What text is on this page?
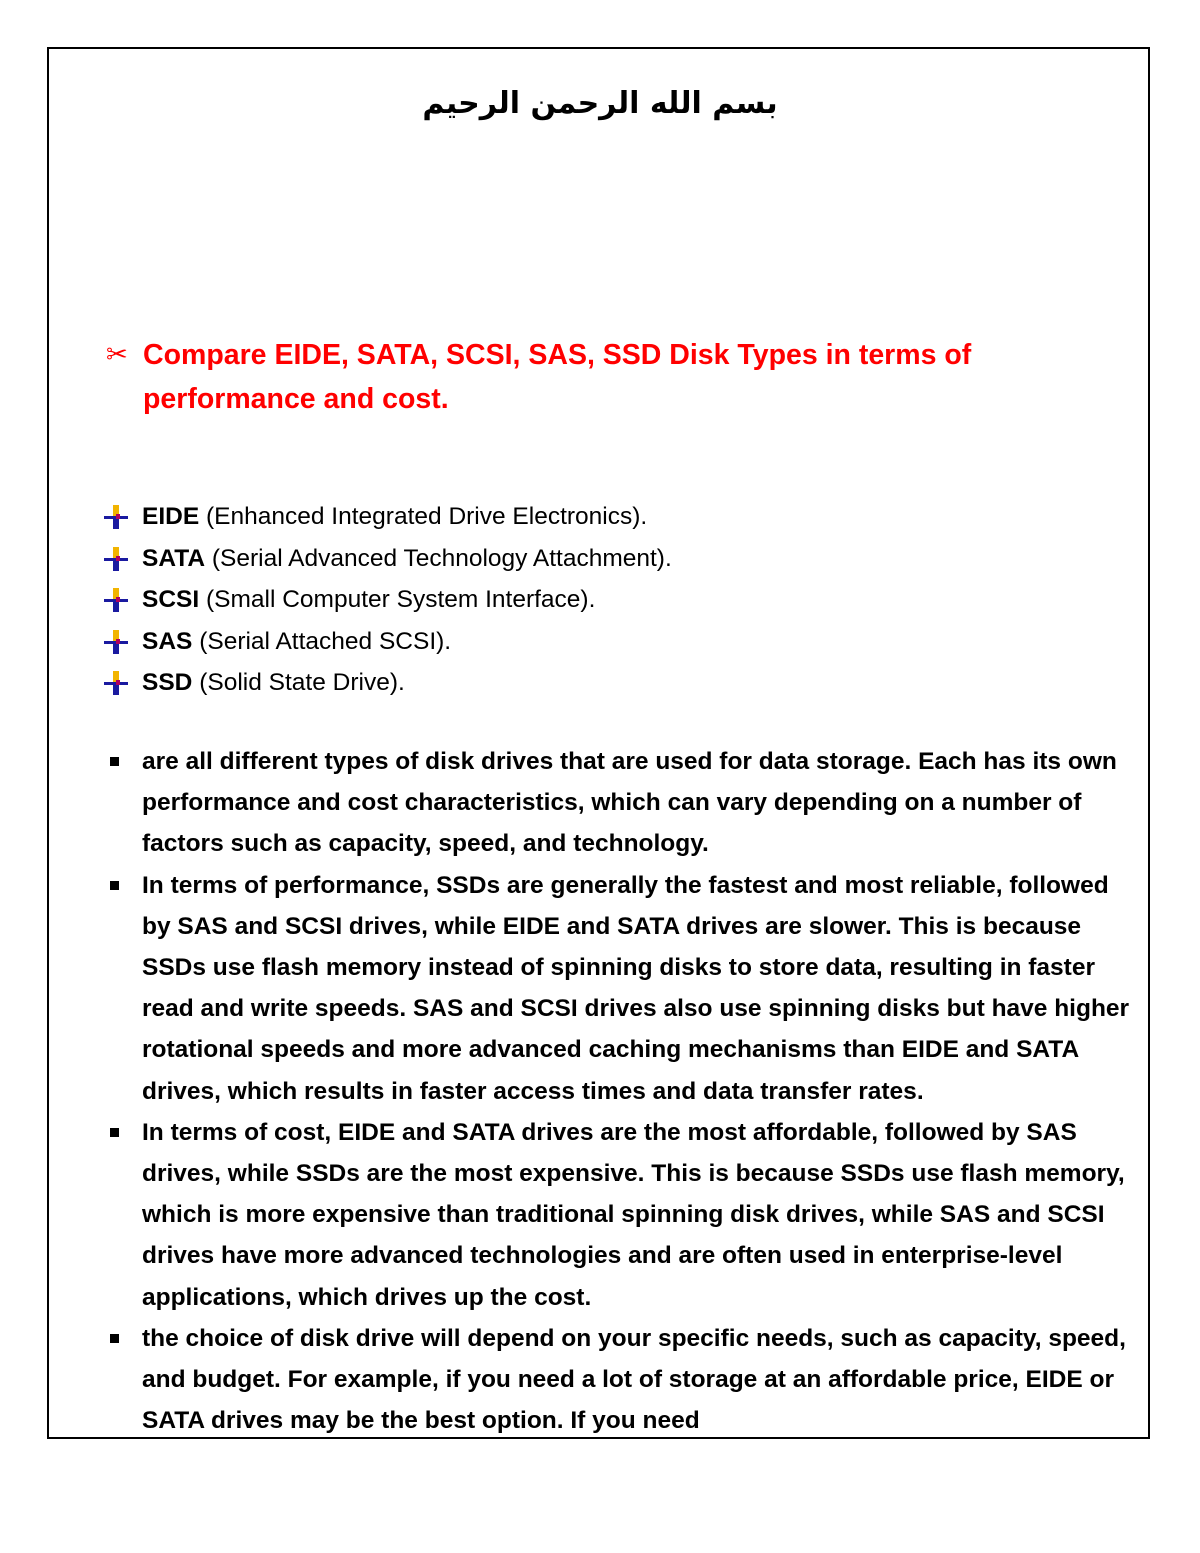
بسم الله الرحمن الرحيم
✂ Compare EIDE, SATA, SCSI, SAS, SSD Disk Types in terms of performance and cost.
EIDE (Enhanced Integrated Drive Electronics).
SATA (Serial Advanced Technology Attachment).
SCSI (Small Computer System Interface).
SAS (Serial Attached SCSI).
SSD (Solid State Drive).
are all different types of disk drives that are used for data storage. Each has its own performance and cost characteristics, which can vary depending on a number of factors such as capacity, speed, and technology.
In terms of performance, SSDs are generally the fastest and most reliable, followed by SAS and SCSI drives, while EIDE and SATA drives are slower. This is because SSDs use flash memory instead of spinning disks to store data, resulting in faster read and write speeds. SAS and SCSI drives also use spinning disks but have higher rotational speeds and more advanced caching mechanisms than EIDE and SATA drives, which results in faster access times and data transfer rates.
In terms of cost, EIDE and SATA drives are the most affordable, followed by SAS drives, while SSDs are the most expensive. This is because SSDs use flash memory, which is more expensive than traditional spinning disk drives, while SAS and SCSI drives have more advanced technologies and are often used in enterprise-level applications, which drives up the cost.
the choice of disk drive will depend on your specific needs, such as capacity, speed, and budget. For example, if you need a lot of storage at an affordable price, EIDE or SATA drives may be the best option. If you need
